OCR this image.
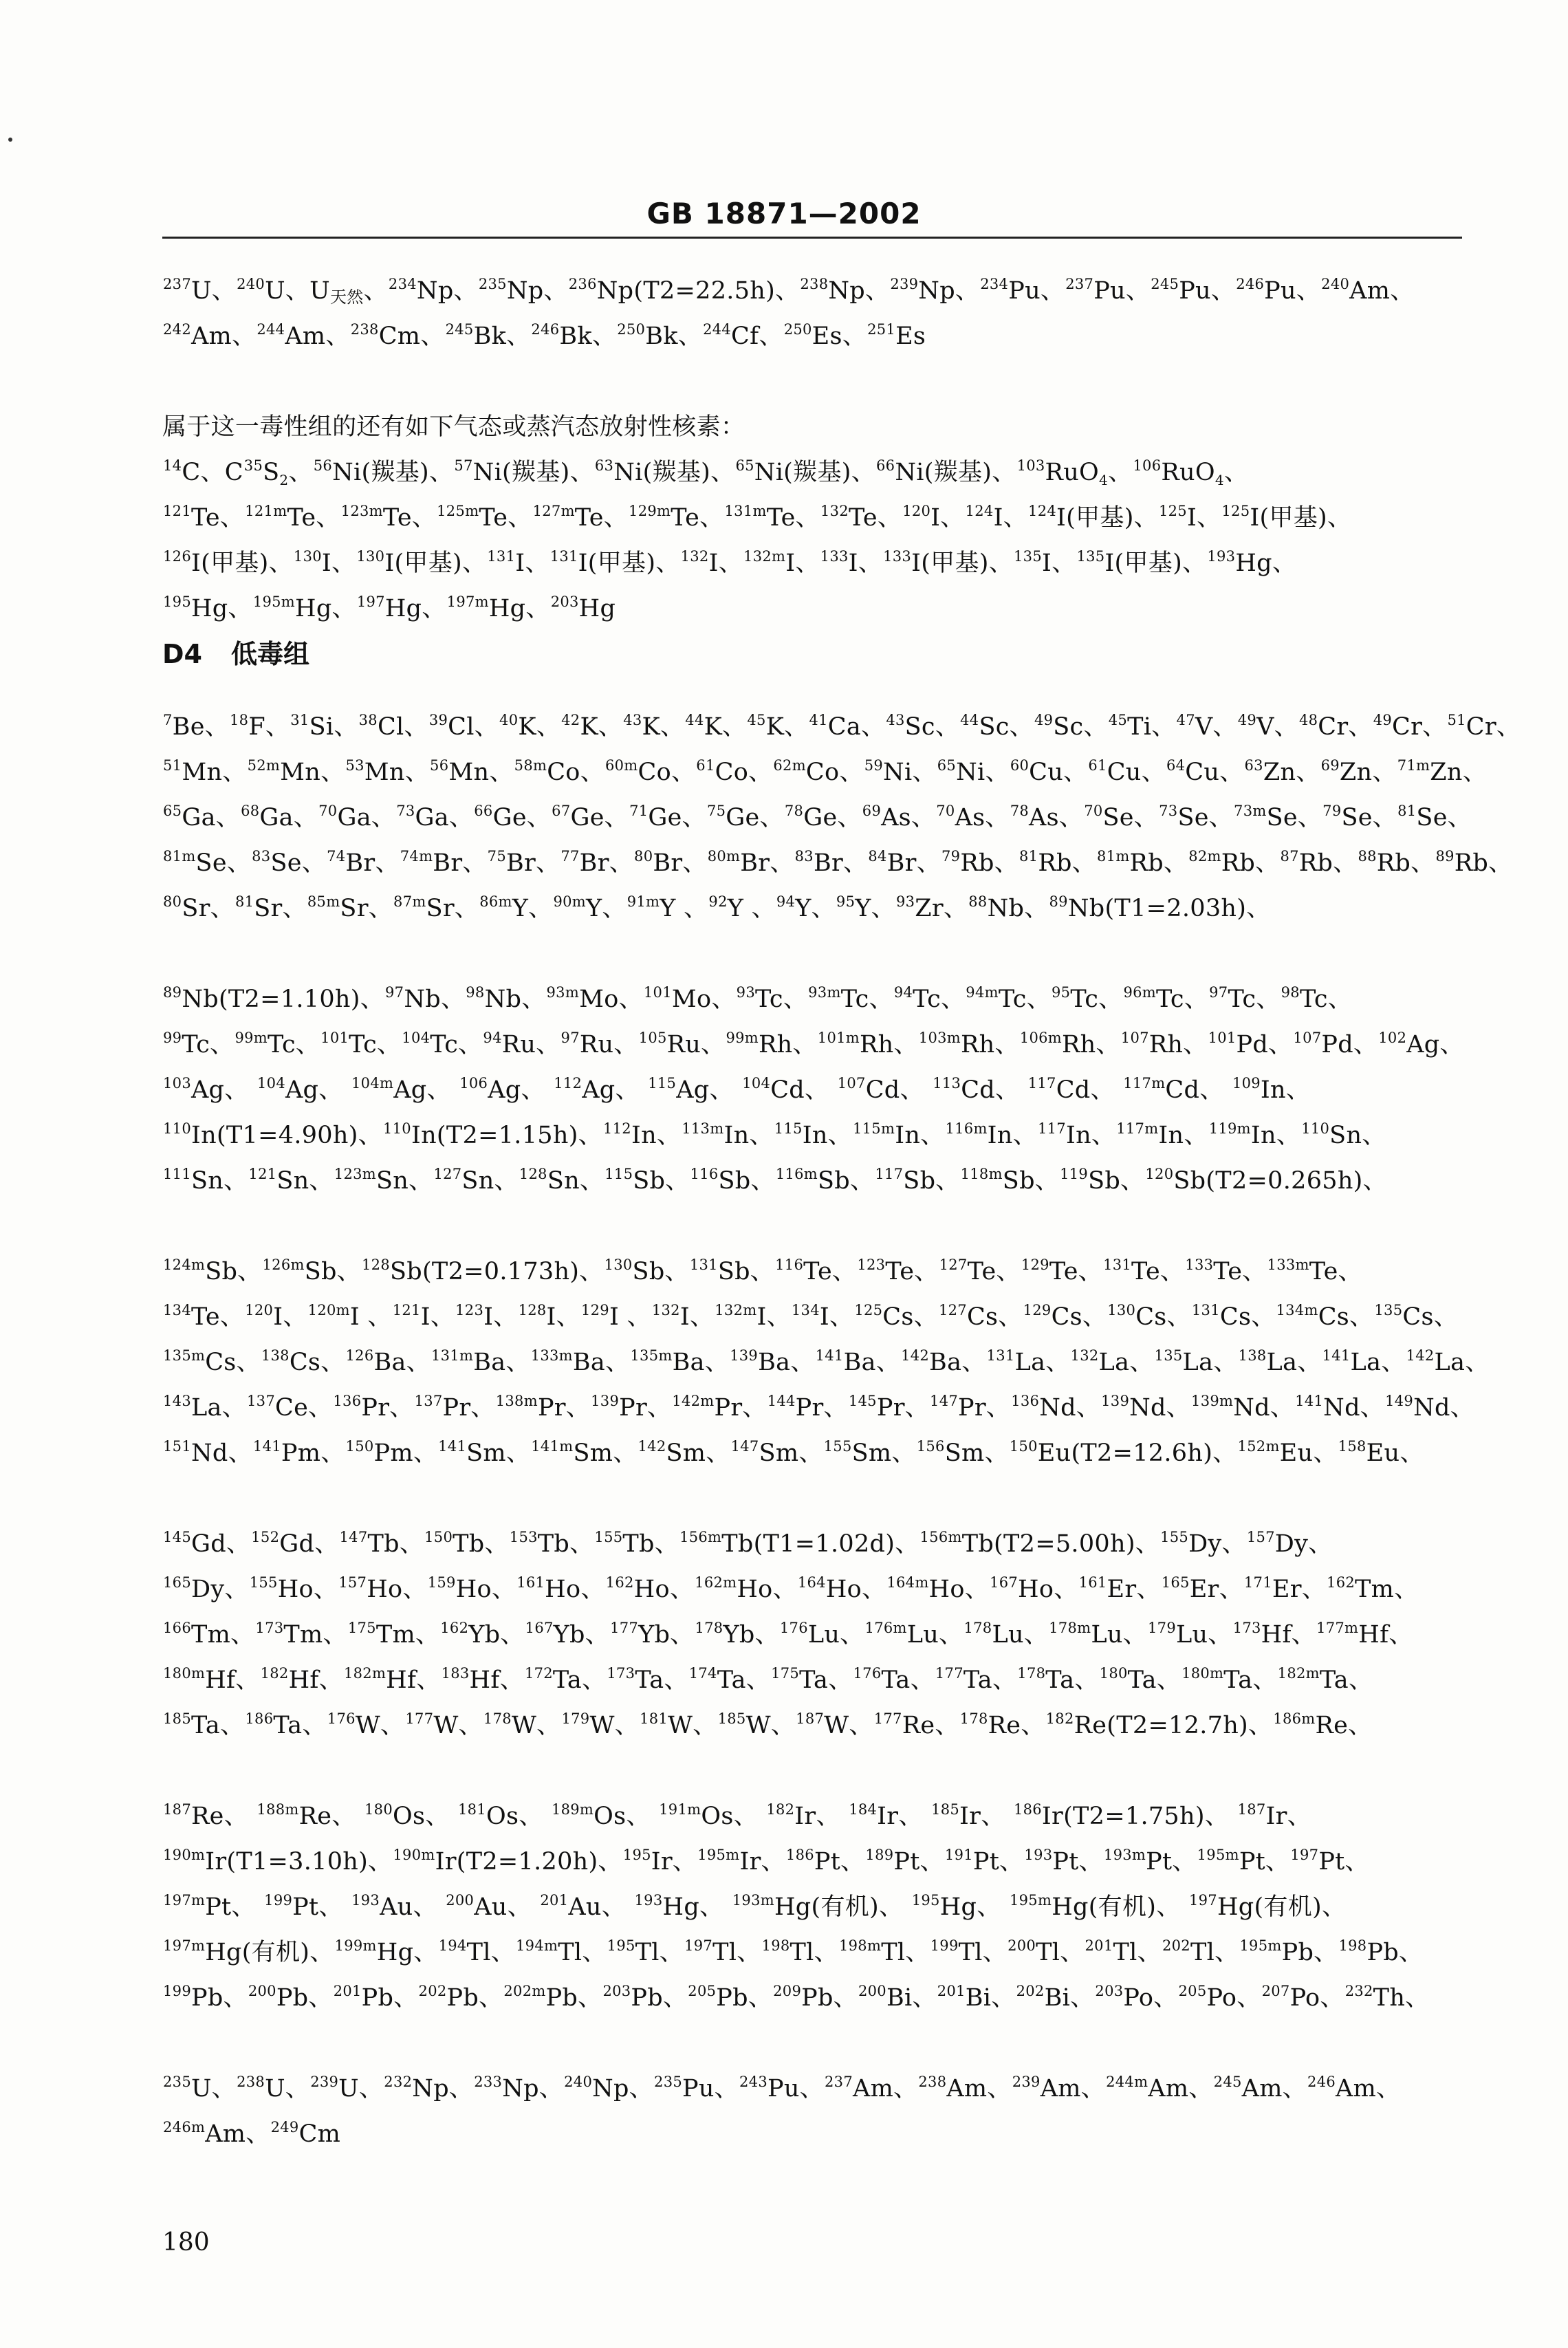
GB 18871—2002
$^{237}$U、$^{240}$U、U天然、$^{234}$Np、$^{235}$Np、$^{236}$Np(T2=22.5h)、$^{238}$Np、$^{239}$Np、$^{234}$Pu、$^{237}$Pu、$^{245}$Pu、$^{246}$Pu、$^{240}$Am、
$^{242}$Am、$^{244}$Am、$^{238}$Cm、$^{245}$Bk、$^{246}$Bk、$^{250}$Bk、$^{244}$Cf、$^{250}$Es、$^{251}$Es
属于这一毒性组的还有如下气态或蒸汽态放射性核素：
$^{14}$C、$C^{35}S_2$、$^{56}$Ni(羰基)、$^{57}$Ni(羰基)、$^{63}$Ni(羰基)、$^{65}$Ni(羰基)、$^{66}$Ni(羰基)、$^{103}$RuO$_4$、$^{106}$RuO$_4$、
$^{121}$Te、$^{121m}$Te、$^{123m}$Te、$^{125m}$Te、$^{127m}$Te、$^{129m}$Te、$^{131m}$Te、$^{132}$Te、$^{120}$I、$^{124}$I、$^{124}$I(甲基)、$^{125}$I、$^{125}$I(甲基)、
$^{126}$I(甲基)、$^{130}$I、$^{130}$I(甲基)、$^{131}$I、$^{131}$I(甲基)、$^{132}$I、$^{132m}$I、$^{133}$I、$^{133}$I(甲基)、$^{135}$I、$^{135}$I(甲基)、$^{193}$Hg、
$^{195}$Hg、$^{195m}$Hg、$^{197}$Hg、$^{197m}$Hg、$^{203}$Hg
D4 低毒组
$^7$Be、$^{18}$F、$^{31}$Si、$^{38}$Cl、$^{39}$Cl、$^{40}$K、$^{42}$K、$^{43}$K、$^{44}$K、$^{45}$K、$^{41}$Ca、$^{43}$Sc、$^{44}$Sc、$^{49}$Sc、$^{45}$Ti、$^{47}$V、$^{49}$V、$^{48}$Cr、$^{49}$Cr、$^{51}$Cr、
$^{51}$Mn、$^{52m}$Mn、$^{53}$Mn、$^{56}$Mn、$^{58m}$Co、$^{60m}$Co、$^{61}$Co、$^{62m}$Co、$^{59}$Ni、$^{65}$Ni、$^{60}$Cu、$^{61}$Cu、$^{64}$Cu、$^{63}$Zn、$^{69}$Zn、$^{71m}$Zn、
$^{65}$Ga、$^{68}$Ga、$^{70}$Ga、$^{73}$Ga、$^{66}$Ge、$^{67}$Ge、$^{71}$Ge、$^{75}$Ge、$^{78}$Ge、$^{69}$As、$^{70}$As、$^{78}$As、$^{70}$Se、$^{73}$Se、$^{73m}$Se、$^{79}$Se、$^{81}$Se、
$^{81m}$Se、$^{83}$Se、$^{74}$Br、$^{74m}$Br、$^{75}$Br、$^{77}$Br、$^{80}$Br、$^{80m}$Br、$^{83}$Br、$^{84}$Br、$^{79}$Rb、$^{81}$Rb、$^{81m}$Rb、$^{82m}$Rb、$^{87}$Rb、$^{88}$Rb、$^{89}$Rb、
$^{80}$Sr、$^{81}$Sr、$^{85m}$Sr、$^{87m}$Sr、$^{86m}$Y、$^{90m}$Y、$^{91m}$Y 、$^{92}$Y 、$^{94}$Y、$^{95}$Y、$^{93}$Zr、$^{88}$Nb、$^{89}$Nb(T1=2.03h)、
$^{89}$Nb(T2=1.10h)、$^{97}$Nb、$^{98}$Nb、$^{93m}$Mo、$^{101}$Mo、$^{93}$Tc、$^{93m}$Tc、$^{94}$Tc、$^{94m}$Tc、$^{95}$Tc、$^{96m}$Tc、$^{97}$Tc、$^{98}$Tc、
$^{99}$Tc、$^{99m}$Tc、$^{101}$Tc、$^{104}$Tc、$^{94}$Ru、$^{97}$Ru、$^{105}$Ru、$^{99m}$Rh、$^{101m}$Rh、$^{103m}$Rh、$^{106m}$Rh、$^{107}$Rh、$^{101}$Pd、$^{107}$Pd、$^{102}$Ag、
$^{103}$Ag、 $^{104}$Ag、 $^{104m}$Ag、 $^{106}$Ag、 $^{112}$Ag、 $^{115}$Ag、 $^{104}$Cd、 $^{107}$Cd、 $^{113}$Cd、 $^{117}$Cd、 $^{117m}$Cd、 $^{109}$In、
$^{110}$In(T1=4.90h)、$^{110}$In(T2=1.15h)、$^{112}$In、$^{113m}$In、$^{115}$In、$^{115m}$In、$^{116m}$In、$^{117}$In、$^{117m}$In、$^{119m}$In、$^{110}$Sn、
$^{111}$Sn、$^{121}$Sn、$^{123m}$Sn、$^{127}$Sn、$^{128}$Sn、$^{115}$Sb、$^{116}$Sb、$^{116m}$Sb、$^{117}$Sb、$^{118m}$Sb、$^{119}$Sb、$^{120}$Sb(T2=0.265h)、
$^{124m}$Sb、$^{126m}$Sb、$^{128}$Sb(T2=0.173h)、$^{130}$Sb、$^{131}$Sb、$^{116}$Te、$^{123}$Te、$^{127}$Te、$^{129}$Te、$^{131}$Te、$^{133}$Te、$^{133m}$Te、
$^{134}$Te、$^{120}$I、$^{120m}$I 、$^{121}$I、$^{123}$I、$^{128}$I、$^{129}$I 、$^{132}$I、$^{132m}$I、$^{134}$I、$^{125}$Cs、$^{127}$Cs、$^{129}$Cs、$^{130}$Cs、$^{131}$Cs、$^{134m}$Cs、$^{135}$Cs、
$^{135m}$Cs、$^{138}$Cs、$^{126}$Ba、$^{131m}$Ba、$^{133m}$Ba、$^{135m}$Ba、$^{139}$Ba、$^{141}$Ba、$^{142}$Ba、$^{131}$La、$^{132}$La、$^{135}$La、$^{138}$La、$^{141}$La、$^{142}$La、
$^{143}$La、$^{137}$Ce、$^{136}$Pr、$^{137}$Pr、$^{138m}$Pr、$^{139}$Pr、$^{142m}$Pr、$^{144}$Pr、$^{145}$Pr、$^{147}$Pr、$^{136}$Nd、$^{139}$Nd、$^{139m}$Nd、$^{141}$Nd、$^{149}$Nd、
$^{151}$Nd、$^{141}$Pm、$^{150}$Pm、$^{141}$Sm、$^{141m}$Sm、$^{142}$Sm、$^{147}$Sm、$^{155}$Sm、$^{156}$Sm、$^{150}$Eu(T2=12.6h)、$^{152m}$Eu、$^{158}$Eu、
$^{145}$Gd、$^{152}$Gd、$^{147}$Tb、$^{150}$Tb、$^{153}$Tb、$^{155}$Tb、$^{156m}$Tb(T1=1.02d)、$^{156m}$Tb(T2=5.00h)、$^{155}$Dy、$^{157}$Dy、
$^{165}$Dy、$^{155}$Ho、$^{157}$Ho、$^{159}$Ho、$^{161}$Ho、$^{162}$Ho、$^{162m}$Ho、$^{164}$Ho、$^{164m}$Ho、$^{167}$Ho、$^{161}$Er、$^{165}$Er、$^{171}$Er、$^{162}$Tm、
$^{166}$Tm、$^{173}$Tm、$^{175}$Tm、$^{162}$Yb、$^{167}$Yb、$^{177}$Yb、$^{178}$Yb、$^{176}$Lu、$^{176m}$Lu、$^{178}$Lu、$^{178m}$Lu、$^{179}$Lu、$^{173}$Hf、$^{177m}$Hf、
$^{180m}$Hf、$^{182}$Hf、$^{182m}$Hf、$^{183}$Hf、$^{172}$Ta、$^{173}$Ta、$^{174}$Ta、$^{175}$Ta、$^{176}$Ta、$^{177}$Ta、$^{178}$Ta、$^{180}$Ta、$^{180m}$Ta、$^{182m}$Ta、
$^{185}$Ta、$^{186}$Ta、$^{176}$W、$^{177}$W、$^{178}$W、$^{179}$W、$^{181}$W、$^{185}$W、$^{187}$W、$^{177}$Re、$^{178}$Re、$^{182}$Re(T2=12.7h)、$^{186m}$Re、
$^{187}$Re、 $^{188m}$Re、 $^{180}$Os、 $^{181}$Os、 $^{189m}$Os、 $^{191m}$Os、 $^{182}$Ir、 $^{184}$Ir、 $^{185}$Ir、 $^{186}$Ir(T2=1.75h)、 $^{187}$Ir、
$^{190m}$Ir(T1=3.10h)、$^{190m}$Ir(T2=1.20h)、$^{195}$Ir、$^{195m}$Ir、$^{186}$Pt、$^{189}$Pt、$^{191}$Pt、$^{193}$Pt、$^{193m}$Pt、$^{195m}$Pt、$^{197}$Pt、
$^{197m}$Pt、 $^{199}$Pt、 $^{193}$Au、 $^{200}$Au、 $^{201}$Au、 $^{193}$Hg、 $^{193m}$Hg(有机)、 $^{195}$Hg、 $^{195m}$Hg(有机)、 $^{197}$Hg(有机)、
$^{197m}$Hg(有机)、$^{199m}$Hg、$^{194}$Tl、$^{194m}$Tl、$^{195}$Tl、$^{197}$Tl、$^{198}$Tl、$^{198m}$Tl、$^{199}$Tl、$^{200}$Tl、$^{201}$Tl、$^{202}$Tl、$^{195m}$Pb、$^{198}$Pb、
$^{199}$Pb、$^{200}$Pb、$^{201}$Pb、$^{202}$Pb、$^{202m}$Pb、$^{203}$Pb、$^{205}$Pb、$^{209}$Pb、$^{200}$Bi、$^{201}$Bi、$^{202}$Bi、$^{203}$Po、$^{205}$Po、$^{207}$Po、$^{232}$Th、
$^{235}$U、$^{238}$U、$^{239}$U、$^{232}$Np、$^{233}$Np、$^{240}$Np、$^{235}$Pu、$^{243}$Pu、$^{237}$Am、$^{238}$Am、$^{239}$Am、$^{244m}$Am、$^{245}$Am、$^{246}$Am、
$^{246m}$Am、$^{249}$Cm
180
